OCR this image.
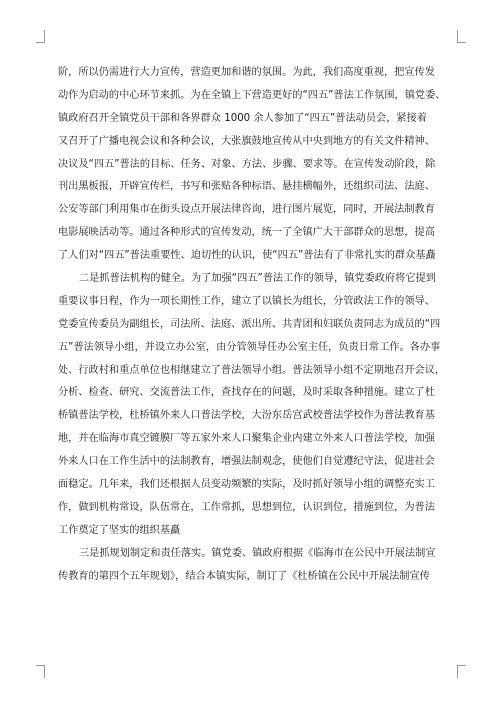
阶，所以仍需进行大力宣传，营造更加和谐的氛围。为此，我们高度重视，把宣传发
动作为启动的中心环节来抓。为在全镇上下营造更好的“四五”普法工作氛围，镇党委、
镇政府召开全镇党员干部和各界群众 1000 余人参加了“四五”普法动员会，紧接着
又召开了广播电视会议和各种会议，大张旗鼓地宣传从中央到地方的有关文件精神、
决议及“四五”普法的目标、任务、对象、方法、步骤、要求等。在宣传发动阶段，除
刊出黑板报，开辟宣传栏，书写和张贴各种标语、悬挂横幅外，还组织司法、法庭、
公安等部门利用集市在街头设点开展法律咨询，进行图片展览，同时，开展法制教育
电影展映活动等。通过各种形式的宣传发动，统一了全镇广大干部群众的思想，提高
了人们对“四五”普法重要性、迫切性的认识，使“四五”普法有了非常扎实的群众基矗
二是抓普法机构的健全。为了加强“四五”普法工作的领导，镇党委政府将它提到
重要议事日程，作为一项长期性工作，建立了以镇长为组长，分管政法工作的领导、
党委宣传委员为副组长，司法所、法庭、派出所、共青团和妇联负责同志为成员的“四
五”普法领导小组，并设立办公室，由分管领导任办公室主任，负责日常工作。各办事
处、行政村和重点单位也相继建立了普法领导小组。普法领导小组不定期地召开会议，
分析、检查、研究、交流普法工作，查找存在的问题，及时采取各种措施。建立了杜
桥镇普法学校，杜桥镇外来人口普法学校，大汾东岳宫武校普法学校作为普法教育基
地，并在临海市真空镀膜厂等五家外来人口聚集企业内建立外来人口普法学校，加强
外来人口在工作生活中的法制教育，增强法制观念，使他们自觉遵纪守法，促进社会
面稳定。几年来，我们还根据人员变动频繁的实际，及时抓好领导小组的调整充实工
作，做到机构常设，队伍常在，工作常抓，思想到位，认识到位，措施到位，为普法
工作奠定了坚实的组织基矗
三是抓规划制定和责任落实。镇党委、镇政府根据《临海市在公民中开展法制宣
传教育的第四个五年规划》，结合本镇实际，制订了《杜桥镇在公民中开展法制宣传
